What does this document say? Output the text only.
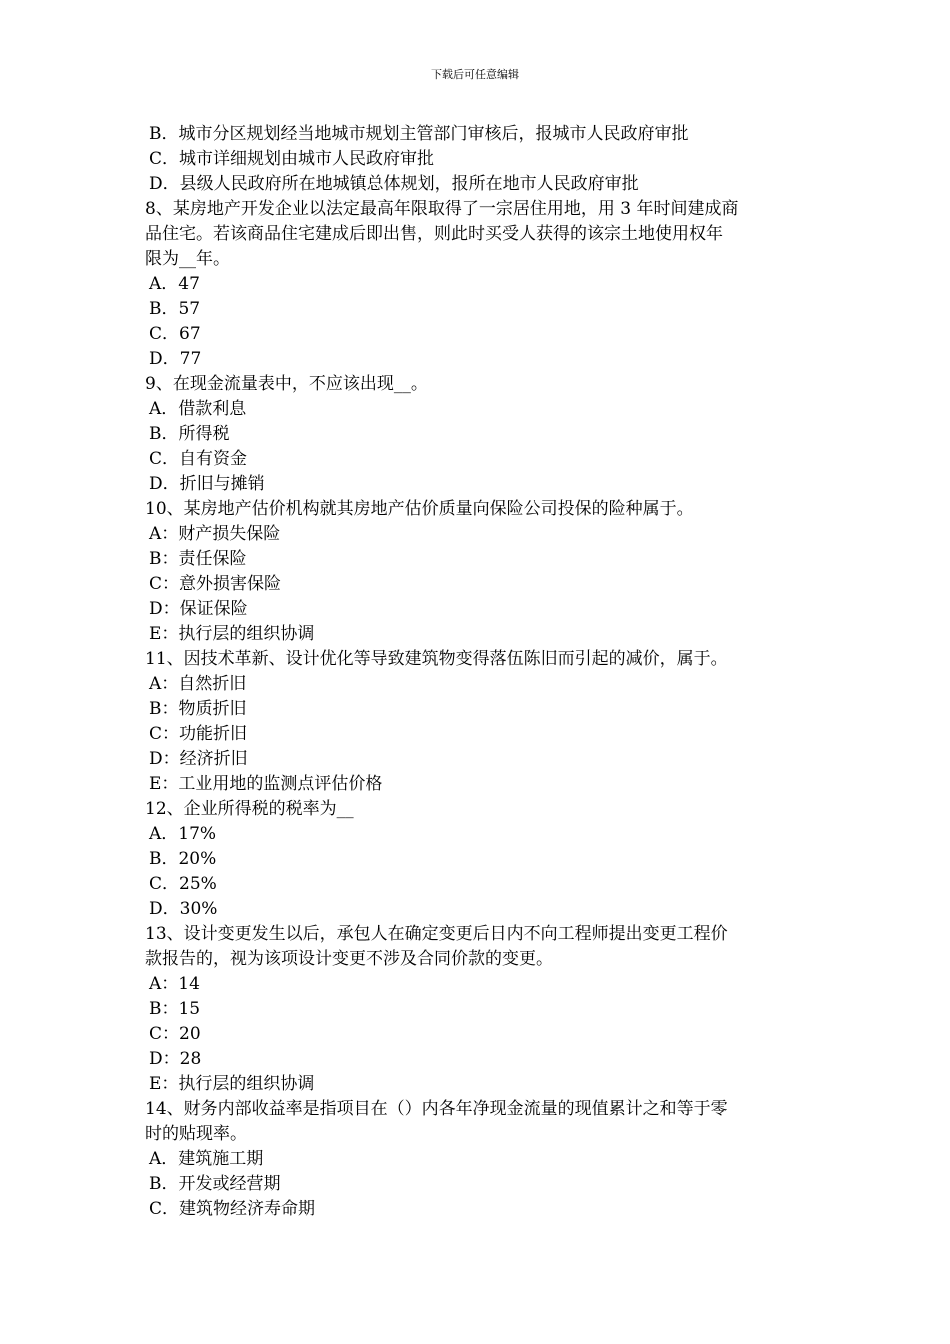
下载后可任意编辑
B．城市分区规划经当地城市规划主管部门审核后，报城市人民政府审批
C．城市详细规划由城市人民政府审批
D．县级人民政府所在地城镇总体规划，报所在地市人民政府审批
8、某房地产开发企业以法定最高年限取得了一宗居住用地，用 3 年时间建成商
品住宅。若该商品住宅建成后即出售，则此时买受人获得的该宗土地使用权年
限为__年。
A．47
B．57
C．67
D．77
9、在现金流量表中，不应该出现__。
A．借款利息
B．所得税
C．自有资金
D．折旧与摊销
10、某房地产估价机构就其房地产估价质量向保险公司投保的险种属于。
A：财产损失保险
B：责任保险
C：意外损害保险
D：保证保险
E：执行层的组织协调
11、因技术革新、设计优化等导致建筑物变得落伍陈旧而引起的减价，属于。
A：自然折旧
B：物质折旧
C：功能折旧
D：经济折旧
E：工业用地的监测点评估价格
12、企业所得税的税率为__
A．17%
B．20%
C．25%
D．30%
13、设计变更发生以后，承包人在确定变更后日内不向工程师提出变更工程价
款报告的，视为该项设计变更不涉及合同价款的变更。
A：14
B：15
C：20
D：28
E：执行层的组织协调
14、财务内部收益率是指项目在（）内各年净现金流量的现值累计之和等于零
时的贴现率。
A．建筑施工期
B．开发或经营期
C．建筑物经济寿命期
